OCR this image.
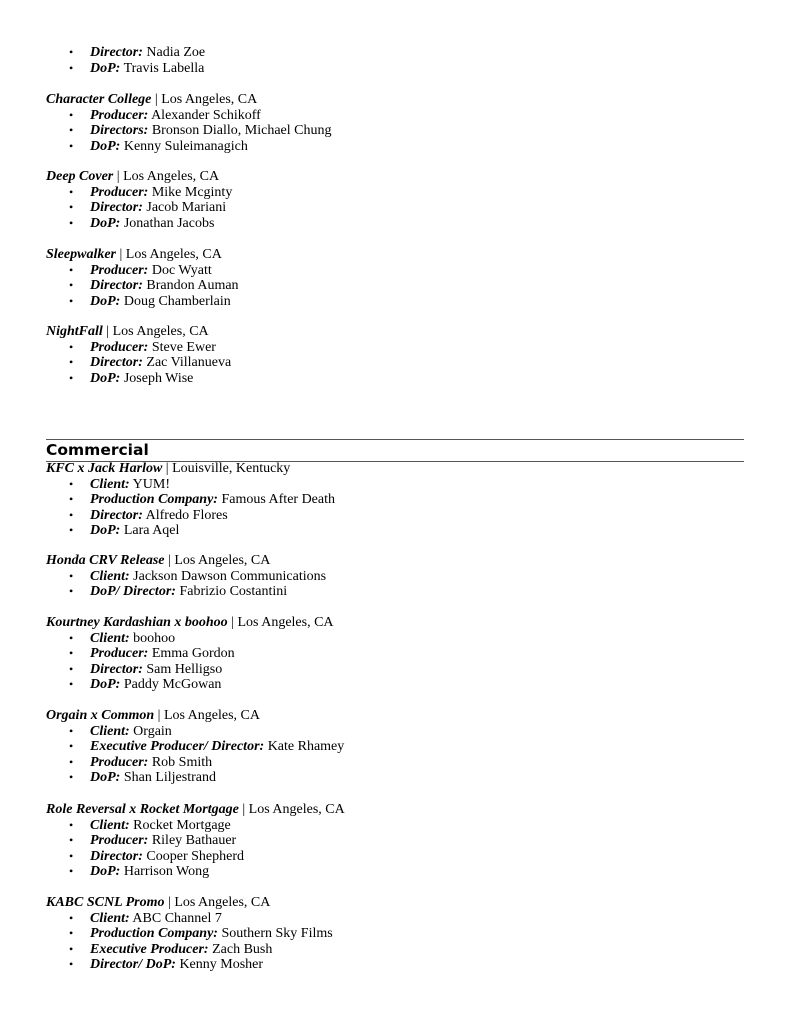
• Director: Nadia Zoe
• DoP: Travis Labella
Character College | Los Angeles, CA
• Producer: Alexander Schikoff
• Directors: Bronson Diallo, Michael Chung
• DoP: Kenny Suleimanagich
Deep Cover | Los Angeles, CA
• Producer: Mike Mcginty
• Director: Jacob Mariani
• DoP: Jonathan Jacobs
Sleepwalker | Los Angeles, CA
• Producer: Doc Wyatt
• Director: Brandon Auman
• DoP: Doug Chamberlain
NightFall | Los Angeles, CA
• Producer: Steve Ewer
• Director: Zac Villanueva
• DoP: Joseph Wise
Commercial
KFC x Jack Harlow | Louisville, Kentucky
• Client: YUM!
• Production Company: Famous After Death
• Director: Alfredo Flores
• DoP: Lara Aqel
Honda CRV Release | Los Angeles, CA
• Client: Jackson Dawson Communications
• DoP/ Director: Fabrizio Costantini
Kourtney Kardashian x boohoo | Los Angeles, CA
• Client: boohoo
• Producer: Emma Gordon
• Director: Sam Helligso
• DoP: Paddy McGowan
Orgain x Common | Los Angeles, CA
• Client: Orgain
• Executive Producer/ Director: Kate Rhamey
• Producer: Rob Smith
• DoP: Shan Liljestrand
Role Reversal x Rocket Mortgage | Los Angeles, CA
• Client: Rocket Mortgage
• Producer: Riley Bathauer
• Director: Cooper Shepherd
• DoP: Harrison Wong
KABC SCNL Promo | Los Angeles, CA
• Client: ABC Channel 7
• Production Company: Southern Sky Films
• Executive Producer: Zach Bush
• Director/ DoP: Kenny Mosher
